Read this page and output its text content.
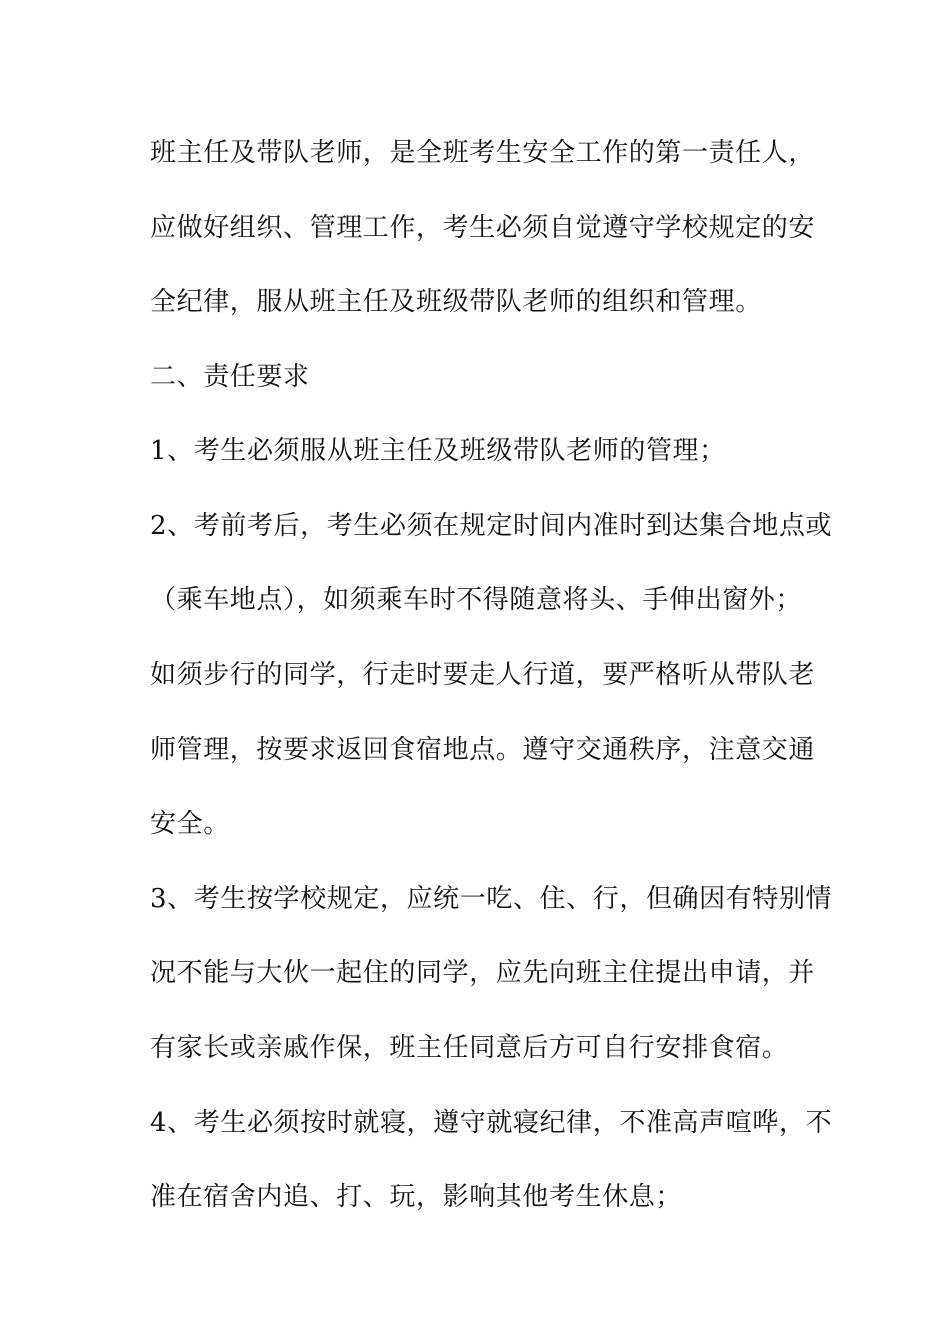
班主任及带队老师，是全班考生安全工作的第一责任人，
应做好组织、管理工作，考生必须自觉遵守学校规定的安
全纪律，服从班主任及班级带队老师的组织和管理。
二、责任要求
1、考生必须服从班主任及班级带队老师的管理；
2、考前考后，考生必须在规定时间内准时到达集合地点或
（乘车地点），如须乘车时不得随意将头、手伸出窗外；
如须步行的同学，行走时要走人行道，要严格听从带队老
师管理，按要求返回食宿地点。遵守交通秩序，注意交通
安全。
3、考生按学校规定，应统一吃、住、行，但确因有特别情
况不能与大伙一起住的同学，应先向班主住提出申请，并
有家长或亲戚作保，班主任同意后方可自行安排食宿。
4、考生必须按时就寝，遵守就寝纪律，不准高声喧哗，不
准在宿舍内追、打、玩，影响其他考生休息；
